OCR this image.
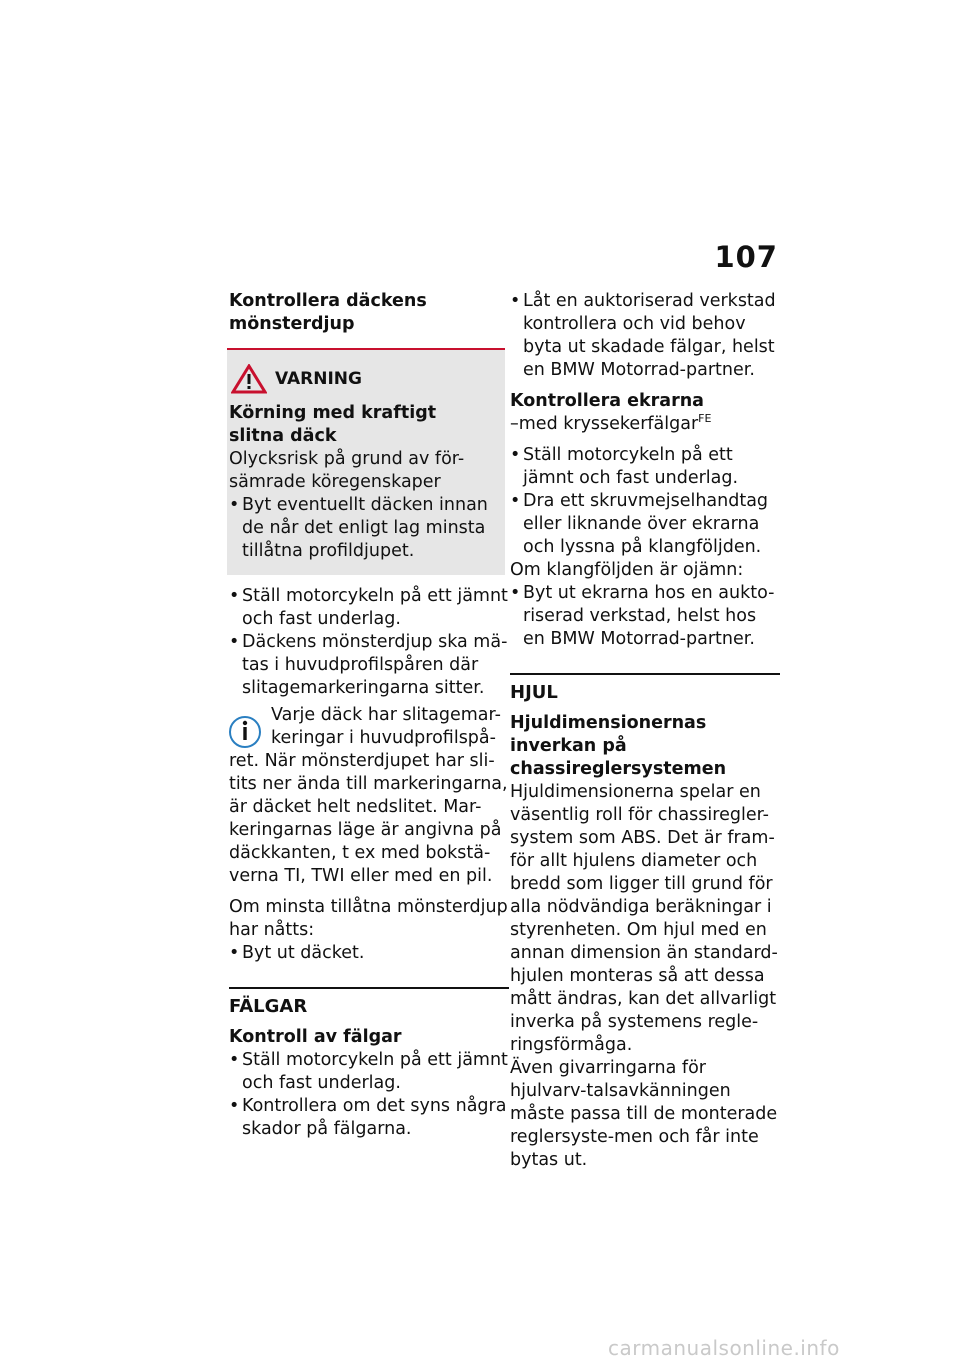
107
Kontrollera däckens mönsterdjup
VARNING
Körning med kraftigt slitna däck
Olycksrisk på grund av för-sämrade köregenskaper
• Byt eventuellt däcken innan de når det enligt lag minsta tillåtna profildjupet.
• Ställ motorcykeln på ett jämnt och fast underlag.
• Däckens mönsterdjup ska mä-tas i huvudprofilspåren där slitagemarkeringarna sitter.
Varje däck har slitagemar-keringar i huvudprofilspå-ret. När mönsterdjupet har sli-tits ner ända till markeringarna, är däcket helt nedslitet. Mar-keringarnas läge är angivna på däckkanten, t ex med bokstä-verna TI, TWI eller med en pil.
Om minsta tillåtna mönsterdjup har nåtts:
• Byt ut däcket.
FÄLGAR
Kontroll av fälgar
• Ställ motorcykeln på ett jämnt och fast underlag.
• Kontrollera om det syns några skador på fälgarna.
• Låt en auktoriserad verkstad kontrollera och vid behov byta ut skadade fälgar, helst en BMW Motorrad-partner.
Kontrollera ekrarna
–med kryssekerfälgar$^{FE}$
• Ställ motorcykeln på ett jämnt och fast underlag.
• Dra ett skruvmejselhandtag eller liknande över ekrarna och lyssna på klangföljden.
Om klangföljden är ojämn:
• Byt ut ekrarna hos en aukto-riserad verkstad, helst hos en BMW Motorrad-partner.
HJUL
Hjuldimensionernas inverkan på chassireglersystemen
Hjuldimensionerna spelar en väsentlig roll för chassiregler-system som ABS. Det är fram-för allt hjulens diameter och bredd som ligger till grund för alla nödvändiga beräkningar i styrenheten. Om hjul med en annan dimension än standard-hjulen monteras så att dessa mått ändras, kan det allvarligt inverka på systemens regle-ringsförmåga.
Även givarringarna för hjulvarv-talsavkänningen måste passa till de monterade reglersyste-men och får inte bytas ut.
carmanualsonline.info
